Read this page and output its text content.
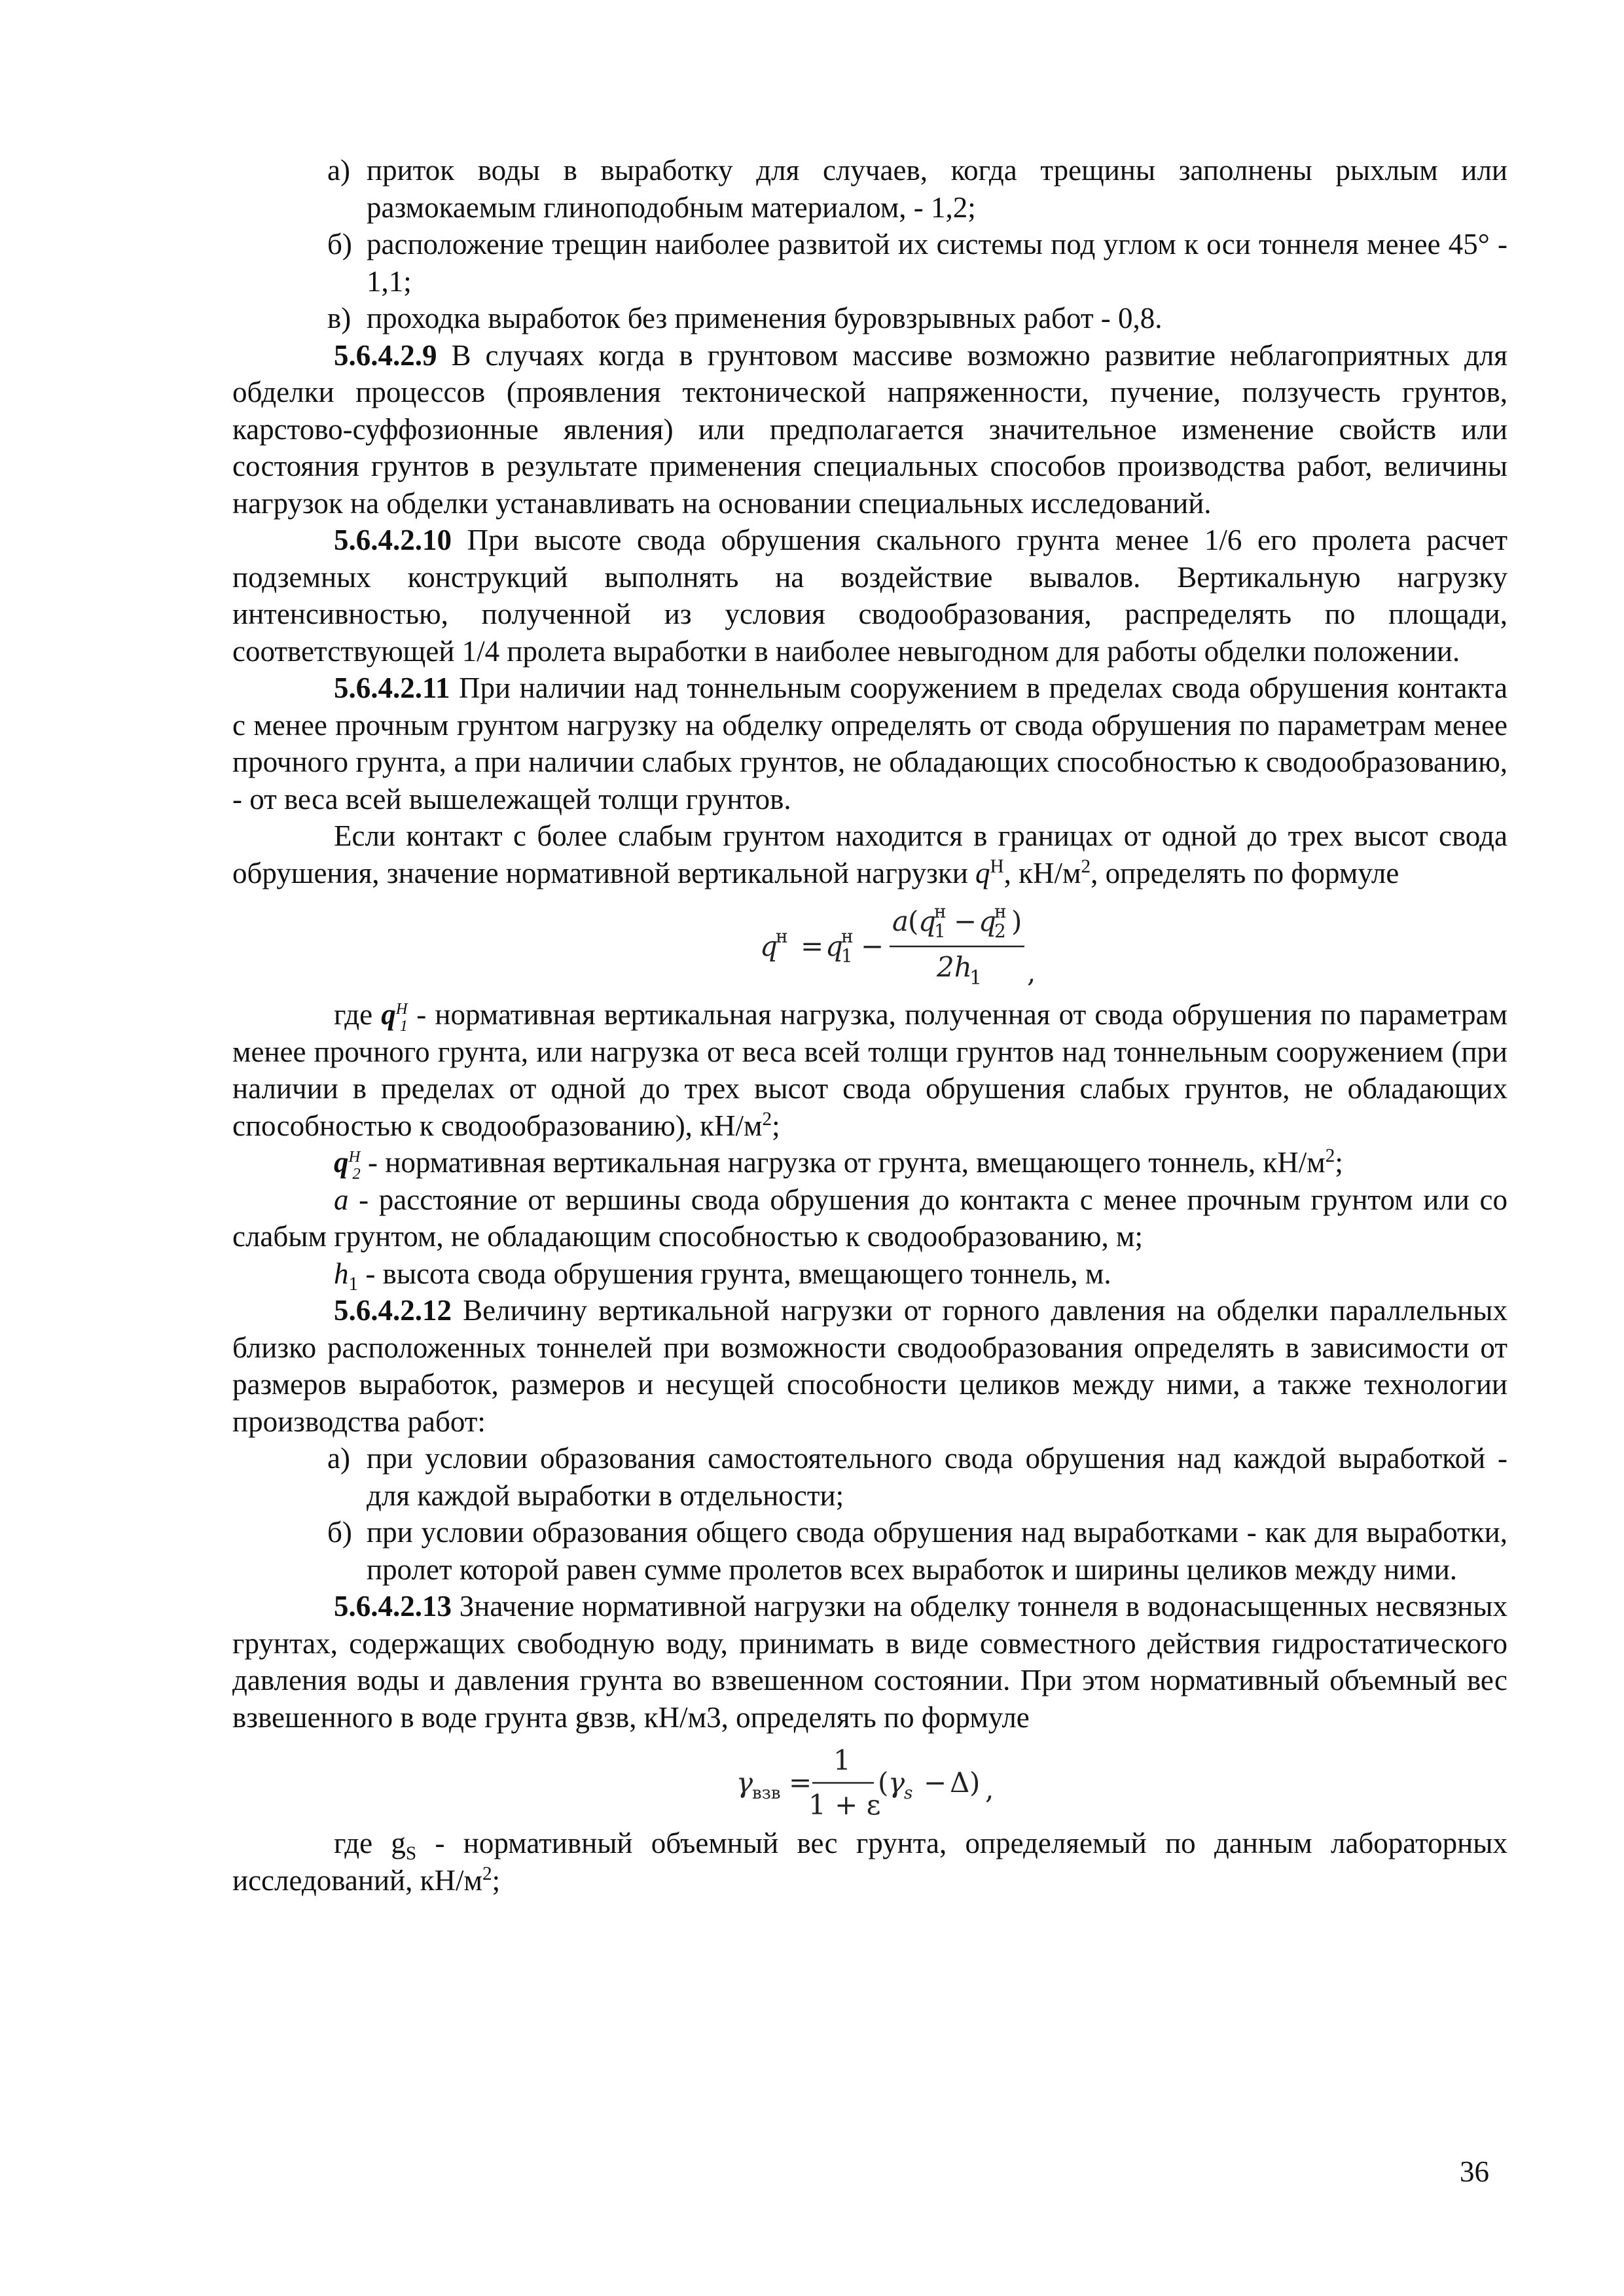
а) приток воды в выработку для случаев, когда трещины заполнены рыхлым или размокаемым глиноподобным материалом, - 1,2;
б) расположение трещин наиболее развитой их системы под углом к оси тоннеля менее 45° - 1,1;
в) проходка выработок без применения буровзрывных работ - 0,8.

5.6.4.2.9 В случаях когда в грунтовом массиве возможно развитие неблагоприятных для обделки процессов (проявления тектонической напряженности, пучение, ползучесть грунтов, карстово-суффозионные явления) или предполагается значительное изменение свойств или состояния грунтов в результате применения специальных способов производства работ, величины нагрузок на обделки устанавливать на основании специальных исследований.

5.6.4.2.10 При высоте свода обрушения скального грунта менее 1/6 его пролета расчет подземных конструкций выполнять на воздействие вывалов. Вертикальную нагрузку интенсивностью, полученной из условия сводообразования, распределять по площади, соответствующей 1/4 пролета выработки в наиболее невыгодном для работы обделки положении.

5.6.4.2.11 При наличии над тоннельным сооружением в пределах свода обрушения контакта с менее прочным грунтом нагрузку на обделку определять от свода обрушения по параметрам менее прочного грунта, а при наличии слабых грунтов, не обладающих способностью к сводообразованию, - от веса всей вышележащей толщи грунтов.

Если контакт с более слабым грунтом находится в границах от одной до трех высот свода обрушения, значение нормативной вертикальной нагрузки $q^Н$, $кН/м^2$, определять по формуле

q
н = q
1
н −
a
( q
1
н − q
2
н )
2h
1 ,

где $q^Н_1$ - нормативная вертикальная нагрузка, полученная от свода обрушения по параметрам менее прочного грунта, или нагрузка от веса всей толщи грунтов над тоннельным сооружением (при наличии в пределах от одной до трех высот свода обрушения слабых грунтов, не обладающих способностью к сводообразованию), $кН/м^2$;

$q^Н_2$ - нормативная вертикальная нагрузка от грунта, вмещающего тоннель, $кН/м^2$;

a - расстояние от вершины свода обрушения до контакта с менее прочным грунтом или со слабым грунтом, не обладающим способностью к сводообразованию, м;

$h_1$ - высота свода обрушения грунта, вмещающего тоннель, м.

5.6.4.2.12 Величину вертикальной нагрузки от горного давления на обделки параллельных близко расположенных тоннелей при возможности сводообразования определять в зависимости от размеров выработок, размеров и несущей способности целиков между ними, а также технологии производства работ:

а) при условии образования самостоятельного свода обрушения над каждой выработкой - для каждой выработки в отдельности;
б) при условии образования общего свода обрушения над выработками - как для выработки, пролет которой равен сумме пролетов всех выработок и ширины целиков между ними.

5.6.4.2.13 Значение нормативной нагрузки на обделку тоннеля в водонасыщенных несвязных грунтах, содержащих свободную воду, принимать в виде совместного действия гидростатического давления воды и давления грунта во взвешенном состоянии. При этом нормативный объемный вес взвешенного в воде грунта gвзв, кН/м3, определять по формуле

γ
взв =
1
1 + ε
( γ
s − Δ ) ,

где $g_S$ - нормативный объемный вес грунта, определяемый по данным лабораторных исследований, $кН/м^2$;

36
